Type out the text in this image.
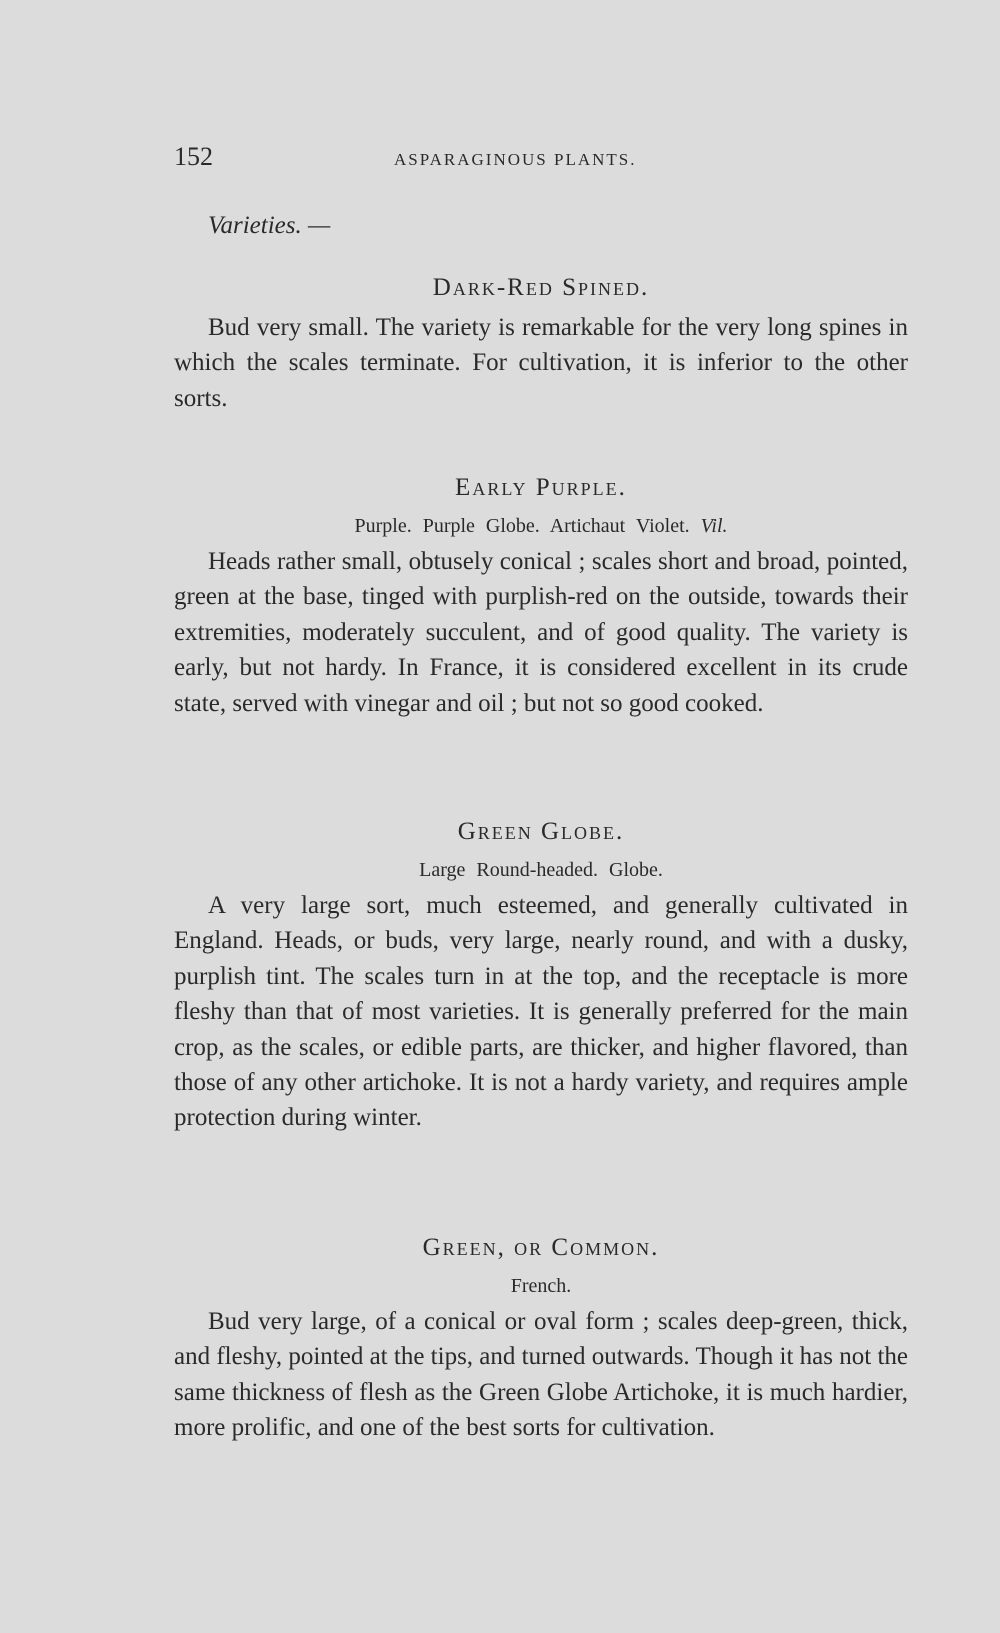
152	ASPARAGINOUS PLANTS.
Varieties. —
Dark-Red Spined.

Bud very small. The variety is remarkable for the very long spines in which the scales terminate. For cultivation, it is inferior to the other sorts.

Early Purple.
Purple. Purple Globe. Artichaut Violet. Vil.

Heads rather small, obtusely conical ; scales short and broad, pointed, green at the base, tinged with purplish-red on the outside, towards their extremities, moderately succulent, and of good quality. The variety is early, but not hardy. In France, it is considered excellent in its crude state, served with vinegar and oil ; but not so good cooked.

Green Globe.
Large Round-headed. Globe.

A very large sort, much esteemed, and generally cultivated in England. Heads, or buds, very large, nearly round, and with a dusky, purplish tint. The scales turn in at the top, and the receptacle is more fleshy than that of most varieties. It is generally preferred for the main crop, as the scales, or edible parts, are thicker, and higher flavored, than those of any other artichoke. It is not a hardy variety, and requires ample protection during winter.

Green, or Common.
French.

Bud very large, of a conical or oval form ; scales deep-green, thick, and fleshy, pointed at the tips, and turned outwards. Though it has not the same thickness of flesh as the Green Globe Artichoke, it is much hardier, more prolific, and one of the best sorts for cultivation.
